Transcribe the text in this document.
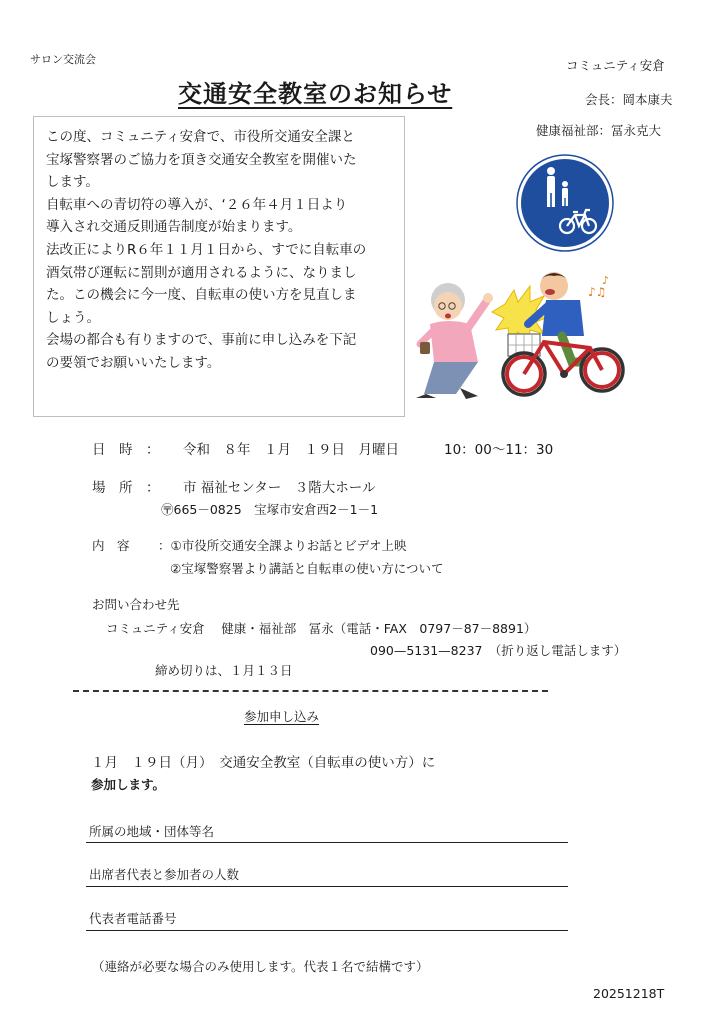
サロン交流会
交通安全教室のお知らせ
コミュニティ安倉
会長：岡本康夫
健康福祉部：冨永克大
この度、コミュニティ安倉で、市役所交通安全課と
宝塚警察署のご協力を頂き交通安全教室を開催いた
します。
自転車への青切符の導入が、‘２６年４月１日より
導入され交通反則通告制度が始まります。
法改正によりR６年１１月１日から、すでに自転車の
酒気帯び運転に罰則が適用されるように、なりまし
た。この機会に今一度、自転車の使い方を見直しま
しょう。
会場の都合も有りますので、事前に申し込みを下記
の要領でお願いいたします。
♪♫
♪
日　時　： 令和　８年　１月　１９日　月曜日	10：00～11：30
場　所　： 市 福祉センター　３階大ホール
〶665－0825　宝塚市安倉西2－1－1
内　容 ：①市役所交通安全課よりお話とビデオ上映
②宝塚警察署より講話と自転車の使い方について
お問い合わせ先
コミュニティ安倉　 健康・福祉部　冨永（電話・FAX　0797－87－8891）
090—5131—8237　（折り返し電話します）
締め切りは、１月１３日
参加申し込み
１月　１９日（月）　交通安全教室（自転車の使い方）に
参加します。
所属の地域・団体等名
出席者代表と参加者の人数
代表者電話番号
（連絡が必要な場合のみ使用します。代表１名で結構です）
20251218T
